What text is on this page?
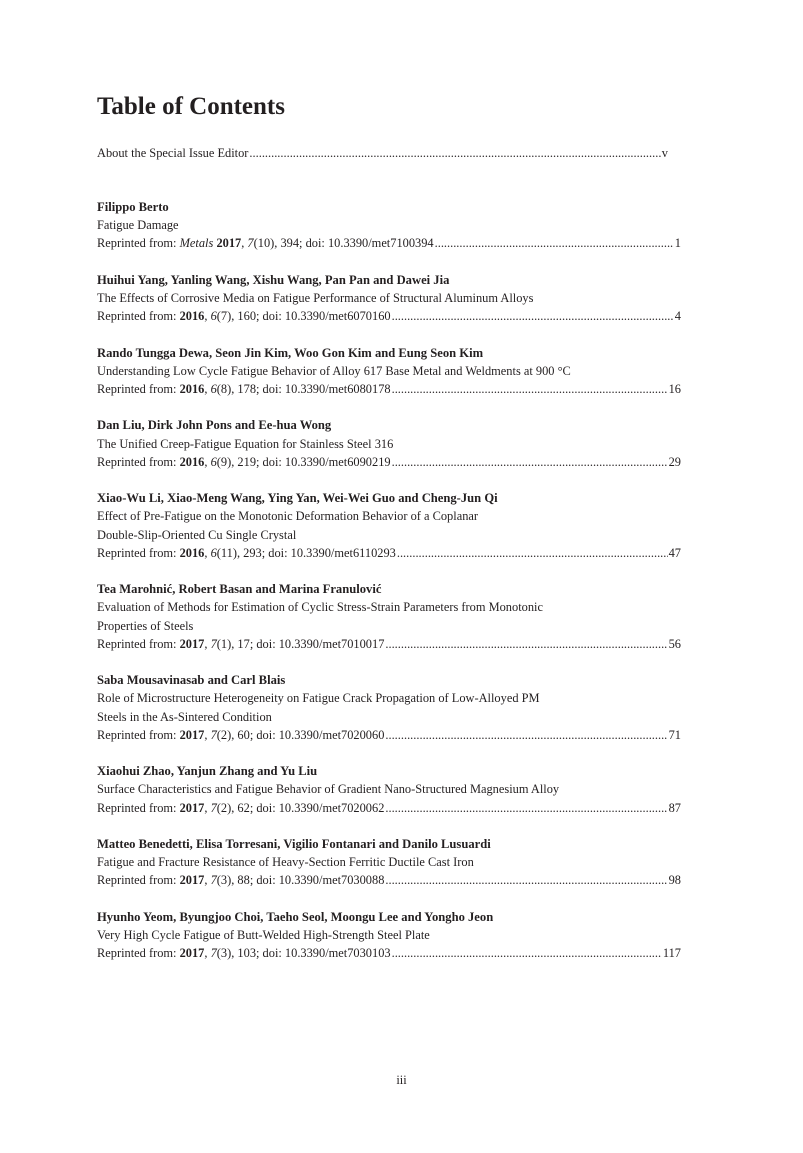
Table of Contents
About the Special Issue Editor .....	v
Filippo Berto
Fatigue Damage
Reprinted from: Metals 2017, 7(10), 394; doi: 10.3390/met7100394 .....	1
Huihui Yang, Yanling Wang, Xishu Wang, Pan Pan and Dawei Jia
The Effects of Corrosive Media on Fatigue Performance of Structural Aluminum Alloys
Reprinted from: 2016, 6(7), 160; doi: 10.3390/met6070160 .....	4
Rando Tungga Dewa, Seon Jin Kim, Woo Gon Kim and Eung Seon Kim
Understanding Low Cycle Fatigue Behavior of Alloy 617 Base Metal and Weldments at 900 °C
Reprinted from: 2016, 6(8), 178; doi: 10.3390/met6080178 .....	16
Dan Liu, Dirk John Pons and Ee-hua Wong
The Unified Creep-Fatigue Equation for Stainless Steel 316
Reprinted from: 2016, 6(9), 219; doi: 10.3390/met6090219 .....	29
Xiao-Wu Li, Xiao-Meng Wang, Ying Yan, Wei-Wei Guo and Cheng-Jun Qi
Effect of Pre-Fatigue on the Monotonic Deformation Behavior of a Coplanar
Double-Slip-Oriented Cu Single Crystal
Reprinted from: 2016, 6(11), 293; doi: 10.3390/met6110293 .....	47
Tea Marohnić, Robert Basan and Marina Franulović
Evaluation of Methods for Estimation of Cyclic Stress-Strain Parameters from Monotonic
Properties of Steels
Reprinted from: 2017, 7(1), 17; doi: 10.3390/met7010017 .....	56
Saba Mousavinasab and Carl Blais
Role of Microstructure Heterogeneity on Fatigue Crack Propagation of Low-Alloyed PM
Steels in the As-Sintered Condition
Reprinted from: 2017, 7(2), 60; doi: 10.3390/met7020060 .....	71
Xiaohui Zhao, Yanjun Zhang and Yu Liu
Surface Characteristics and Fatigue Behavior of Gradient Nano-Structured Magnesium Alloy
Reprinted from: 2017, 7(2), 62; doi: 10.3390/met7020062 .....	87
Matteo Benedetti, Elisa Torresani, Vigilio Fontanari and Danilo Lusuardi
Fatigue and Fracture Resistance of Heavy-Section Ferritic Ductile Cast Iron
Reprinted from: 2017, 7(3), 88; doi: 10.3390/met7030088 .....	98
Hyunho Yeom, Byungjoo Choi, Taeho Seol, Moongu Lee and Yongho Jeon
Very High Cycle Fatigue of Butt-Welded High-Strength Steel Plate
Reprinted from: 2017, 7(3), 103; doi: 10.3390/met7030103 .....	117
iii
